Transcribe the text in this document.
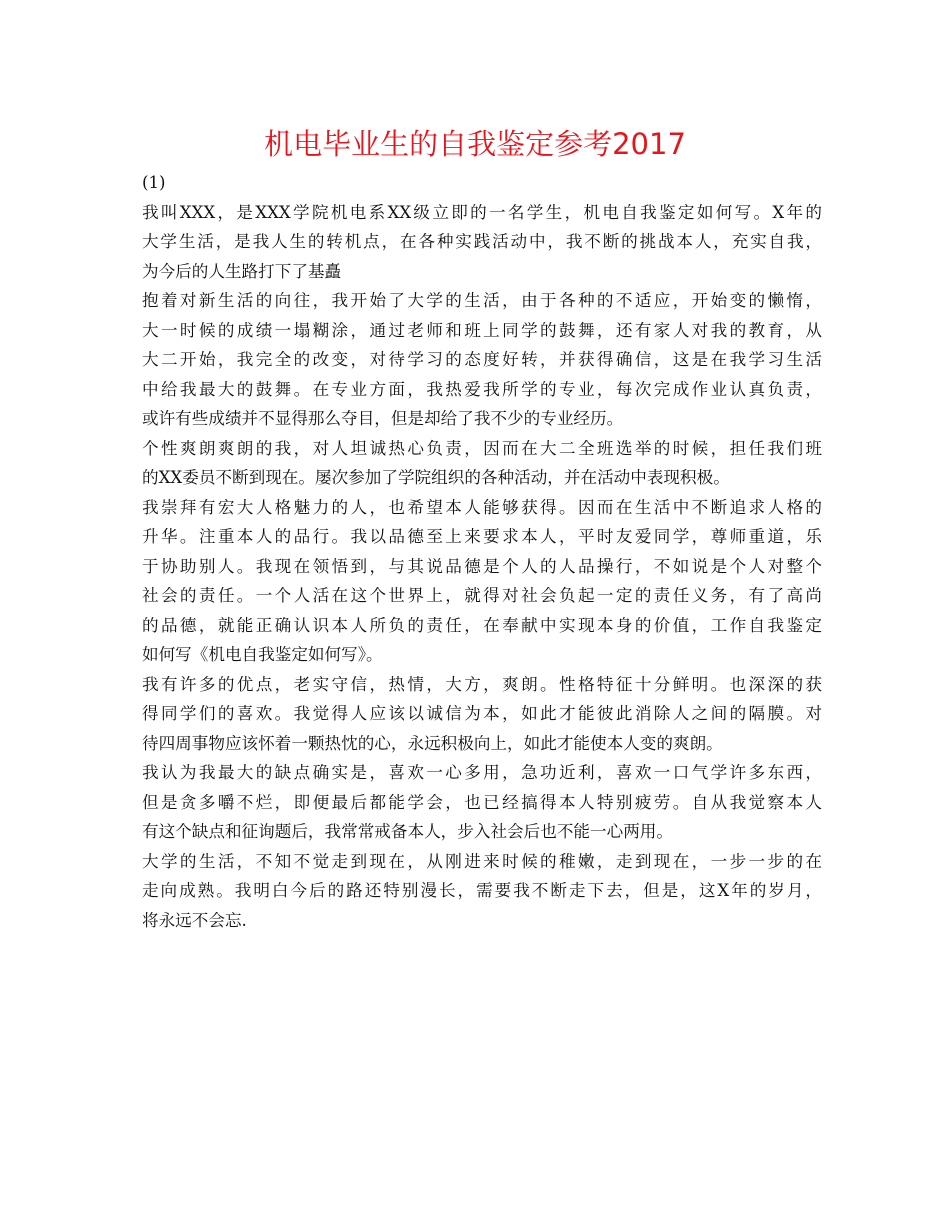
机电毕业生的自我鉴定参考2017
(1)
我叫XXX，是XXX学院机电系XX级立即的一名学生，机电自我鉴定如何写。X年的
大学生活，是我人生的转机点，在各种实践活动中，我不断的挑战本人，充实自我，
为今后的人生路打下了基矗
抱着对新生活的向往，我开始了大学的生活，由于各种的不适应，开始变的懒惰，
大一时候的成绩一塌糊涂，通过老师和班上同学的鼓舞，还有家人对我的教育，从
大二开始，我完全的改变，对待学习的态度好转，并获得确信，这是在我学习生活
中给我最大的鼓舞。在专业方面，我热爱我所学的专业，每次完成作业认真负责，
或许有些成绩并不显得那么夺目，但是却给了我不少的专业经历。
个性爽朗爽朗的我，对人坦诚热心负责，因而在大二全班选举的时候，担任我们班
的XX委员不断到现在。屡次参加了学院组织的各种活动，并在活动中表现积极。
我崇拜有宏大人格魅力的人，也希望本人能够获得。因而在生活中不断追求人格的
升华。注重本人的品行。我以品德至上来要求本人，平时友爱同学，尊师重道，乐
于协助别人。我现在领悟到，与其说品德是个人的人品操行，不如说是个人对整个
社会的责任。一个人活在这个世界上，就得对社会负起一定的责任义务，有了高尚
的品德，就能正确认识本人所负的责任，在奉献中实现本身的价值，工作自我鉴定
如何写《机电自我鉴定如何写》。
我有许多的优点，老实守信，热情，大方，爽朗。性格特征十分鲜明。也深深的获
得同学们的喜欢。我觉得人应该以诚信为本，如此才能彼此消除人之间的隔膜。对
待四周事物应该怀着一颗热忱的心，永远积极向上，如此才能使本人变的爽朗。
我认为我最大的缺点确实是，喜欢一心多用，急功近利，喜欢一口气学许多东西，
但是贪多嚼不烂，即便最后都能学会，也已经搞得本人特别疲劳。自从我觉察本人
有这个缺点和征询题后，我常常戒备本人，步入社会后也不能一心两用。
大学的生活，不知不觉走到现在，从刚进来时候的稚嫩，走到现在，一步一步的在
走向成熟。我明白今后的路还特别漫长，需要我不断走下去，但是，这X年的岁月，
将永远不会忘.
